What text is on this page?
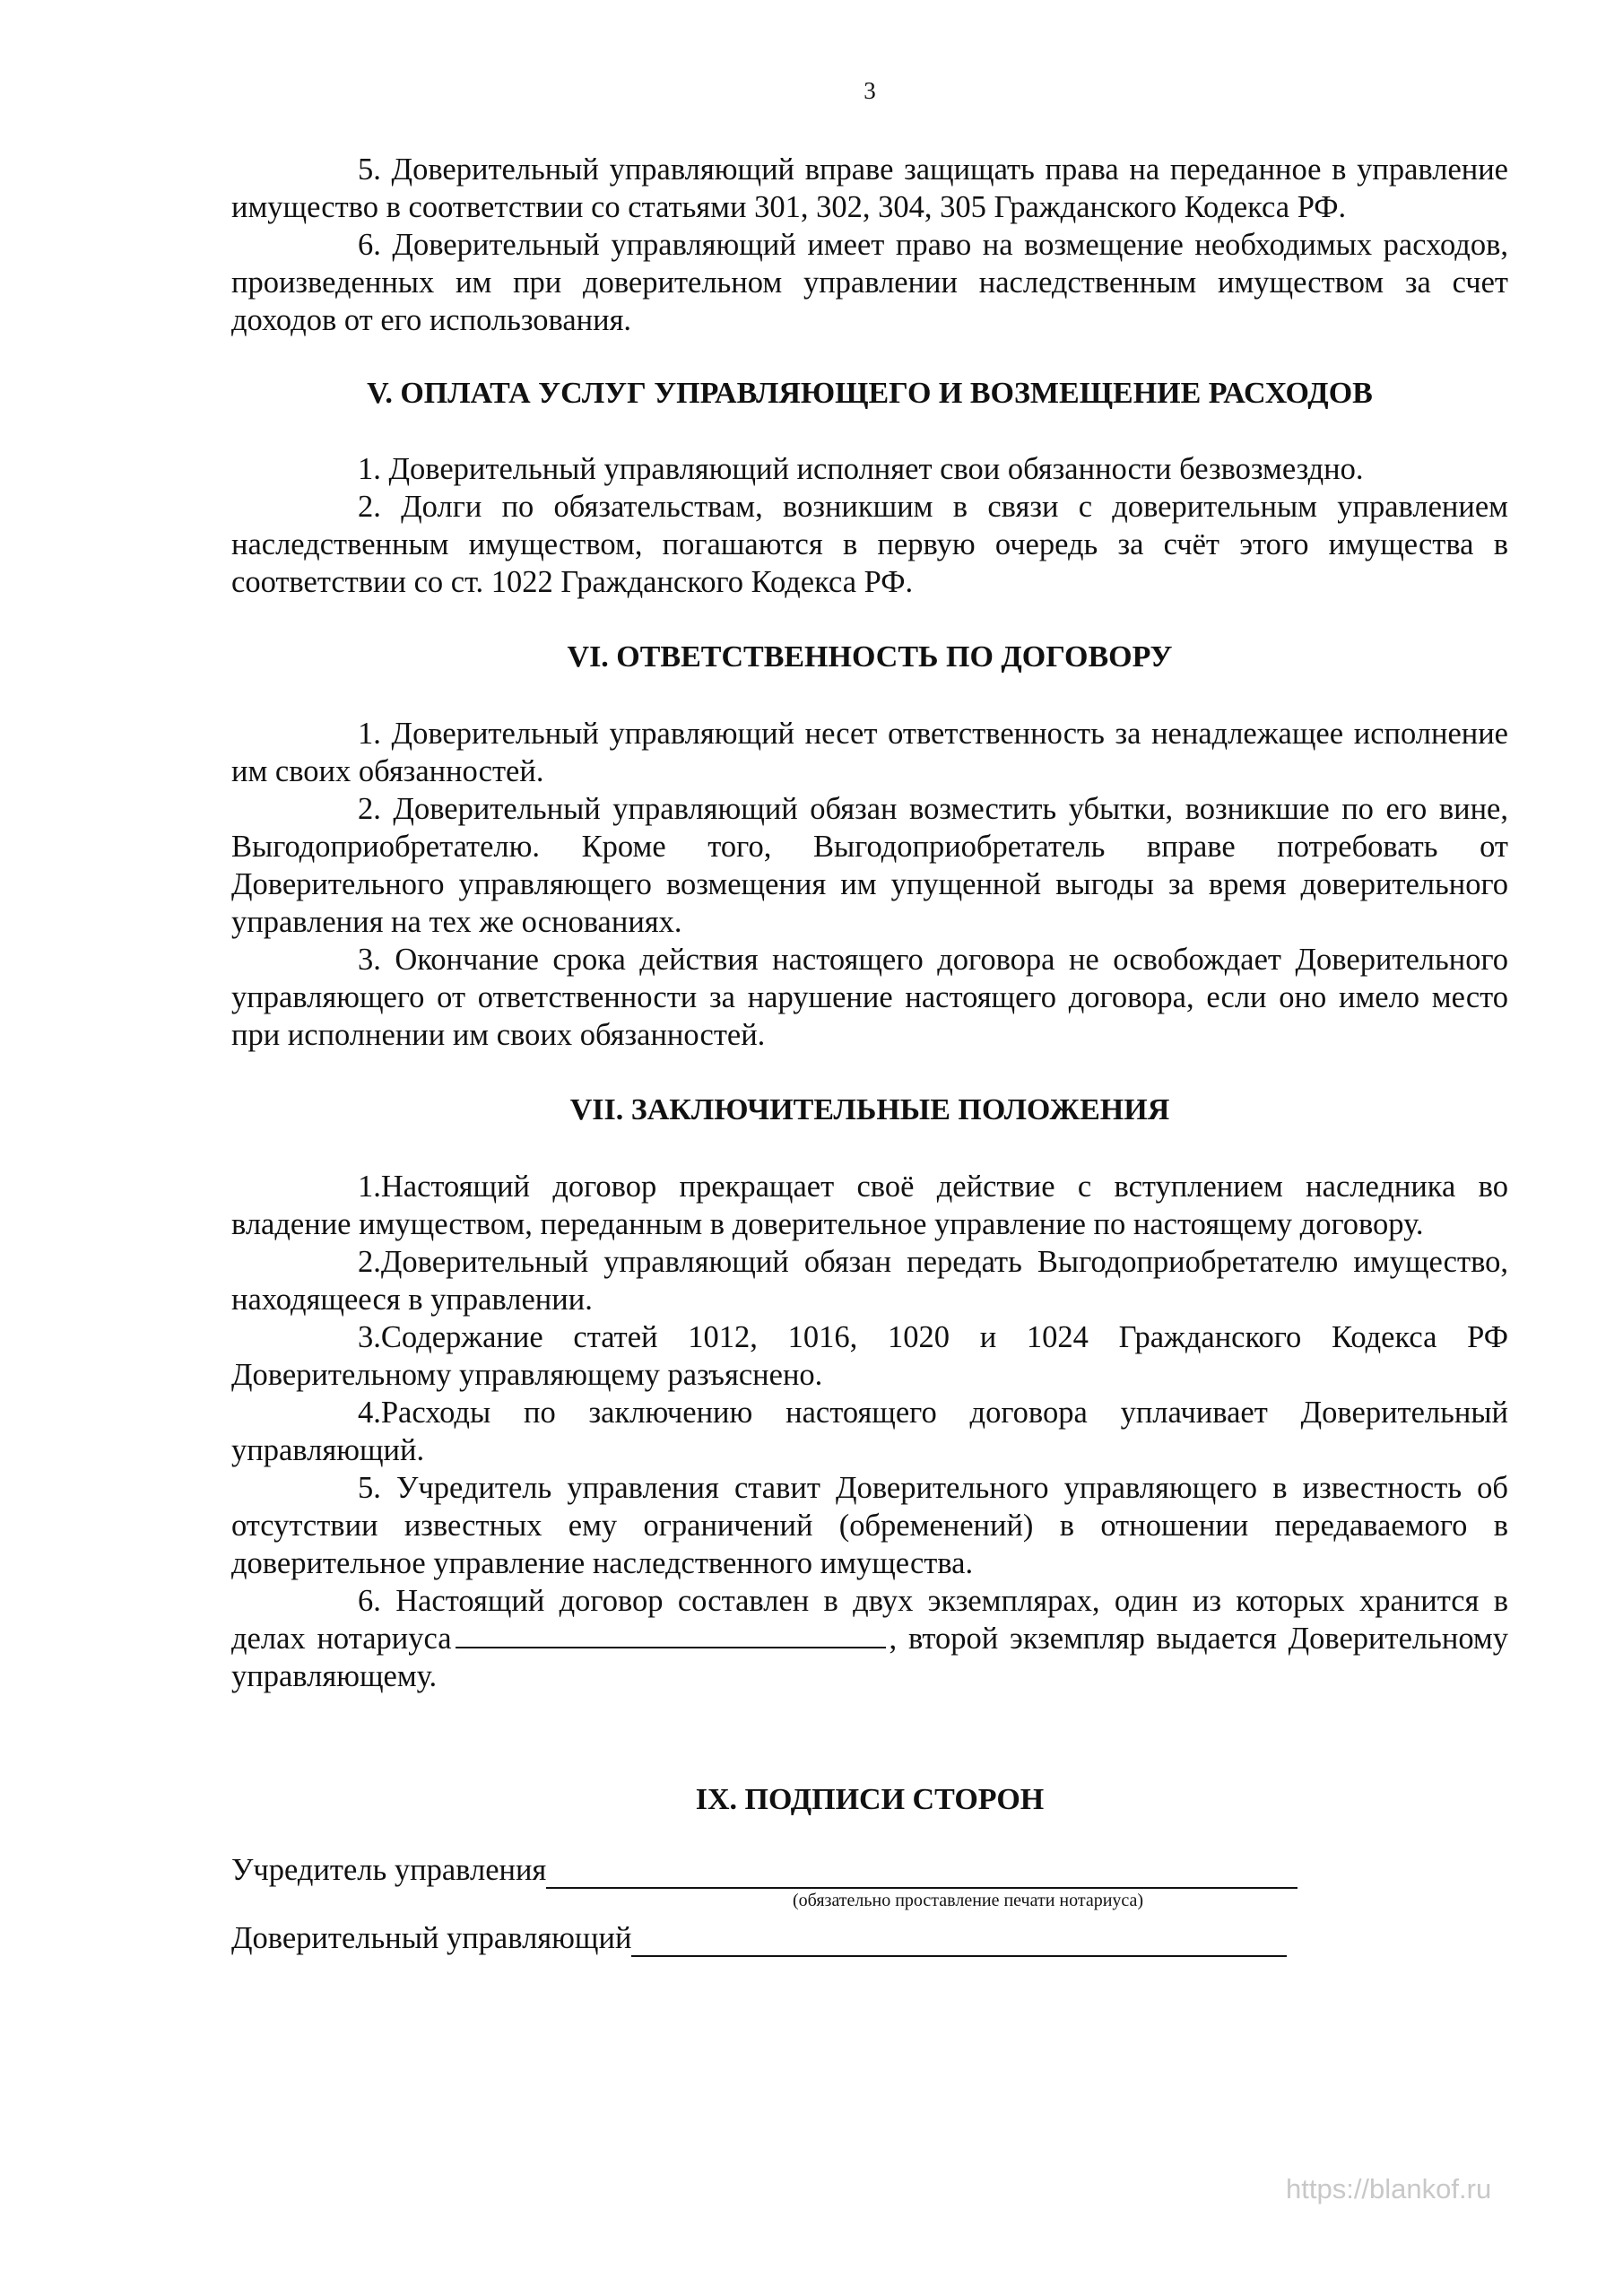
3

5. Доверительный управляющий вправе защищать права на переданное в управление имущество в соответствии со статьями 301, 302, 304, 305 Гражданского Кодекса РФ.

6. Доверительный управляющий имеет право на возмещение необходимых расходов, произведенных им при доверительном управлении наследственным имуществом за счет доходов от его использования.

V. ОПЛАТА УСЛУГ УПРАВЛЯЮЩЕГО И ВОЗМЕЩЕНИЕ РАСХОДОВ

1. Доверительный управляющий исполняет свои обязанности безвозмездно.

2. Долги по обязательствам, возникшим в связи с доверительным управлением наследственным имуществом, погашаются в первую очередь за счёт этого имущества в соответствии со ст. 1022 Гражданского Кодекса РФ.

VI. ОТВЕТСТВЕННОСТЬ ПО ДОГОВОРУ

1. Доверительный управляющий несет ответственность за ненадлежащее исполнение им своих обязанностей.

2. Доверительный управляющий обязан возместить убытки, возникшие по его вине, Выгодоприобретателю. Кроме того, Выгодоприобретатель вправе потребовать от Доверительного управляющего возмещения им упущенной выгоды за время доверительного управления на тех же основаниях.

3. Окончание срока действия настоящего договора не освобождает Доверительного управляющего от ответственности за нарушение настоящего договора, если оно имело место при исполнении им своих обязанностей.

VII. ЗАКЛЮЧИТЕЛЬНЫЕ ПОЛОЖЕНИЯ

1.Настоящий договор прекращает своё действие с вступлением наследника во владение имуществом, переданным в доверительное управление по настоящему договору.

2.Доверительный управляющий обязан передать Выгодоприобретателю имущество, находящееся в управлении.

3.Содержание статей 1012, 1016, 1020 и 1024 Гражданского Кодекса РФ Доверительному управляющему разъяснено.

4.Расходы по заключению настоящего договора уплачивает Доверительный управляющий.

5. Учредитель управления ставит Доверительного управляющего в известность об отсутствии известных ему ограничений (обременений) в отношении передаваемого в доверительное управление наследственного имущества.

6. Настоящий договор составлен в двух экземплярах, один из которых хранится в делах нотариуса	, второй экземпляр выдается Доверительному управляющему.

IX. ПОДПИСИ СТОРОН
Учредитель управления
(обязательно проставление печати нотариуса)
Доверительный управляющий
https://blankof.ru
